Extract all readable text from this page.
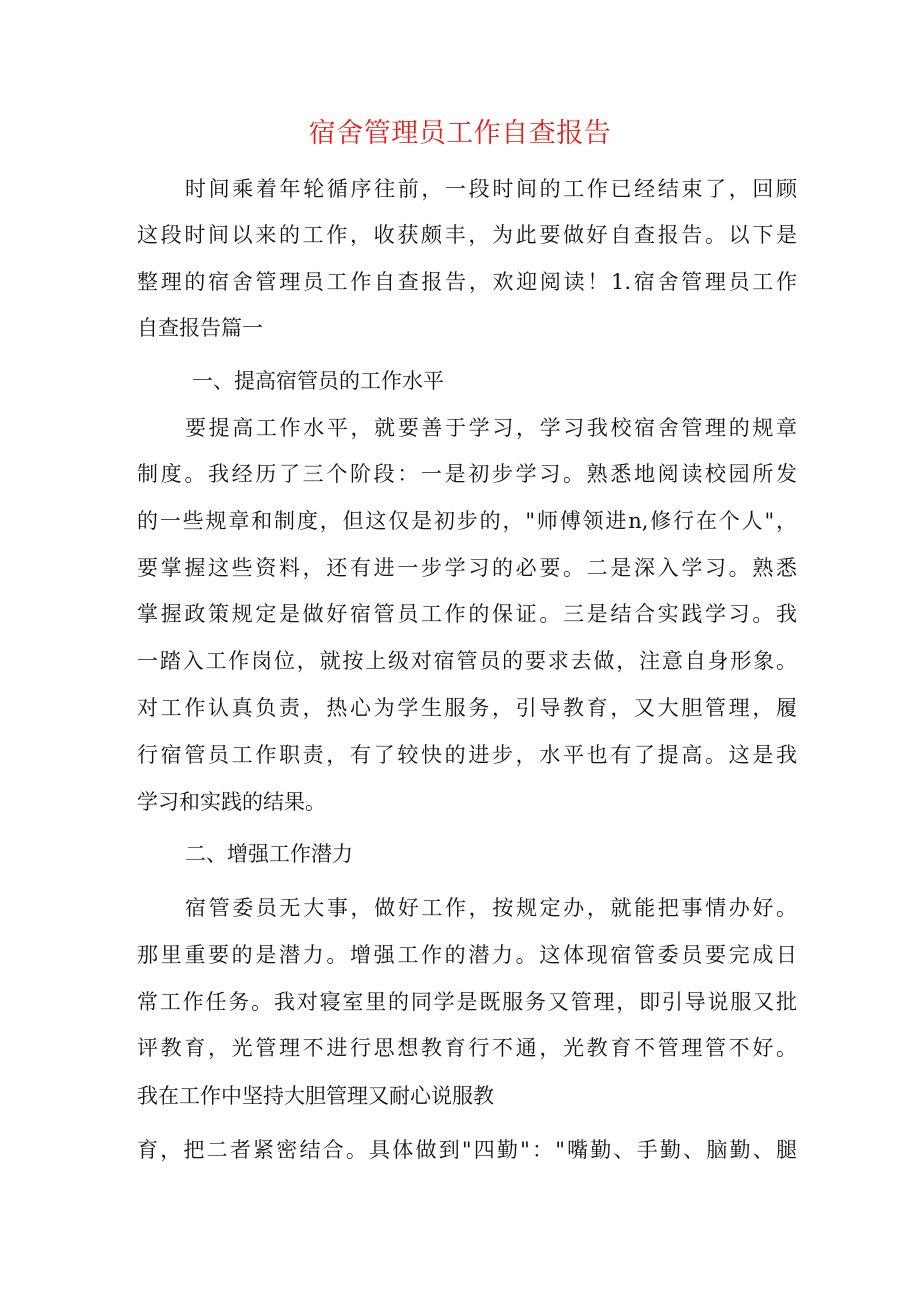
宿舍管理员工作自查报告
时间乘着年轮循序往前，一段时间的工作已经结束了，回顾
这段时间以来的工作，收获颇丰，为此要做好自查报告。以下是
整理的宿舍管理员工作自查报告，欢迎阅读！1.宿舍管理员工作
自查报告篇一
一、提高宿管员的工作水平
要提高工作水平，就要善于学习，学习我校宿舍管理的规章
制度。我经历了三个阶段：一是初步学习。熟悉地阅读校园所发
的一些规章和制度，但这仅是初步的，"师傅领进n,修行在个人"，
要掌握这些资料，还有进一步学习的必要。二是深入学习。熟悉
掌握政策规定是做好宿管员工作的保证。三是结合实践学习。我
一踏入工作岗位，就按上级对宿管员的要求去做，注意自身形象。
对工作认真负责，热心为学生服务，引导教育，又大胆管理，履
行宿管员工作职责，有了较快的进步，水平也有了提高。这是我
学习和实践的结果。
二、增强工作潜力
宿管委员无大事，做好工作，按规定办，就能把事情办好。
那里重要的是潜力。增强工作的潜力。这体现宿管委员要完成日
常工作任务。我对寝室里的同学是既服务又管理，即引导说服又批
评教育，光管理不进行思想教育行不通，光教育不管理管不好。
我在工作中坚持大胆管理又耐心说服教
育，把二者紧密结合。具体做到"四勤"："嘴勤、手勤、脑勤、腿
